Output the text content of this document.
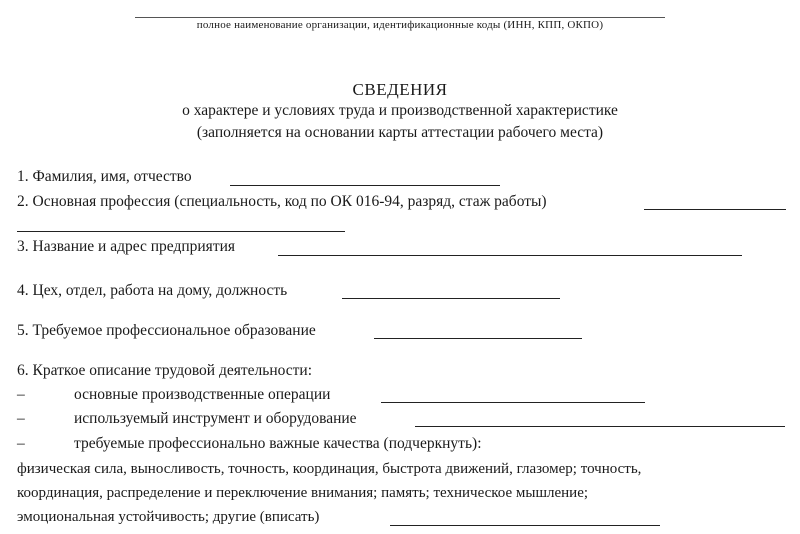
полное наименование организации, идентификационные коды (ИНН, КПП, ОКПО)
СВЕДЕНИЯ
о характере и условиях труда и производственной характеристике
(заполняется на основании карты аттестации рабочего места)
1. Фамилия, имя, отчество
2. Основная профессия (специальность, код по ОК 016-94, разряд, стаж работы)
3. Название и адрес предприятия
4. Цех, отдел, работа на дому, должность
5. Требуемое профессиональное образование
6. Краткое описание трудовой деятельности:
–	основные производственные операции
–	используемый инструмент и оборудование
–	требуемые профессионально важные качества (подчеркнуть):
физическая сила, выносливость, точность, координация, быстрота движений, глазомер; точность,
координация, распределение и переключение внимания; память; техническое мышление;
эмоциональная устойчивость; другие (вписать)
